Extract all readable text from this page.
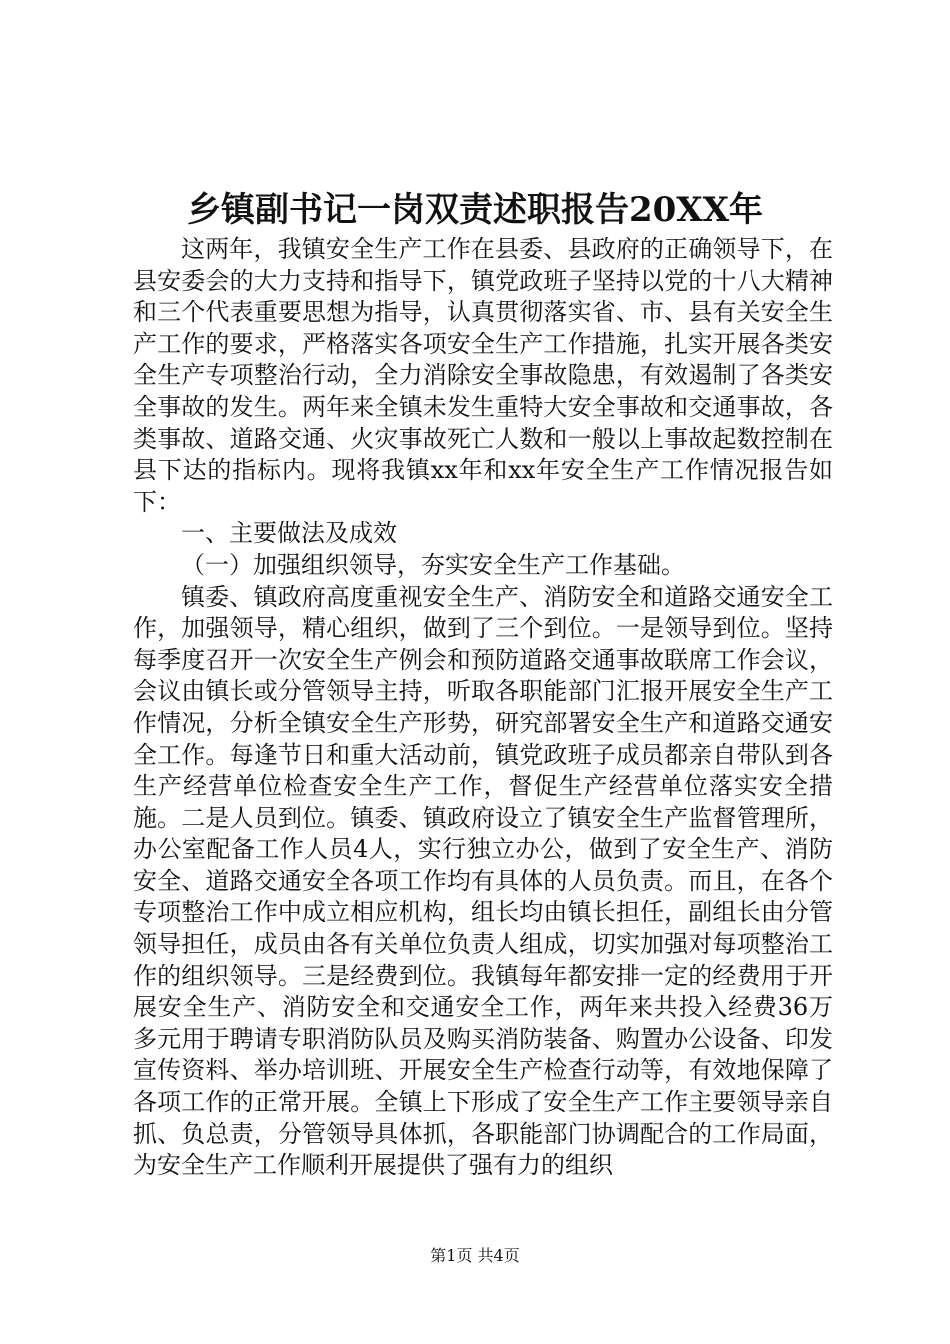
乡镇副书记一岗双责述职报告20XX年

这两年，我镇安全生产工作在县委、县政府的正确领导下，在县安委会的大力支持和指导下，镇党政班子坚持以党的十八大精神和三个代表重要思想为指导，认真贯彻落实省、市、县有关安全生产工作的要求，严格落实各项安全生产工作措施，扎实开展各类安全生产专项整治行动，全力消除安全事故隐患，有效遏制了各类安全事故的发生。两年来全镇未发生重特大安全事故和交通事故，各类事故、道路交通、火灾事故死亡人数和一般以上事故起数控制在县下达的指标内。现将我镇xx年和xx年安全生产工作情况报告如下：

一、主要做法及成效

（一）加强组织领导，夯实安全生产工作基础。

镇委、镇政府高度重视安全生产、消防安全和道路交通安全工作，加强领导，精心组织，做到了三个到位。一是领导到位。坚持每季度召开一次安全生产例会和预防道路交通事故联席工作会议，会议由镇长或分管领导主持，听取各职能部门汇报开展安全生产工作情况，分析全镇安全生产形势，研究部署安全生产和道路交通安全工作。每逢节日和重大活动前，镇党政班子成员都亲自带队到各生产经营单位检查安全生产工作，督促生产经营单位落实安全措施。二是人员到位。镇委、镇政府设立了镇安全生产监督管理所，办公室配备工作人员4人，实行独立办公，做到了安全生产、消防安全、道路交通安全各项工作均有具体的人员负责。而且，在各个专项整治工作中成立相应机构，组长均由镇长担任，副组长由分管领导担任，成员由各有关单位负责人组成，切实加强对每项整治工作的组织领导。三是经费到位。我镇每年都安排一定的经费用于开展安全生产、消防安全和交通安全工作，两年来共投入经费36万多元用于聘请专职消防队员及购买消防装备、购置办公设备、印发宣传资料、举办培训班、开展安全生产检查行动等，有效地保障了各项工作的正常开展。全镇上下形成了安全生产工作主要领导亲自抓、负总责，分管领导具体抓，各职能部门协调配合的工作局面，为安全生产工作顺利开展提供了强有力的组织

第1页 共4页
